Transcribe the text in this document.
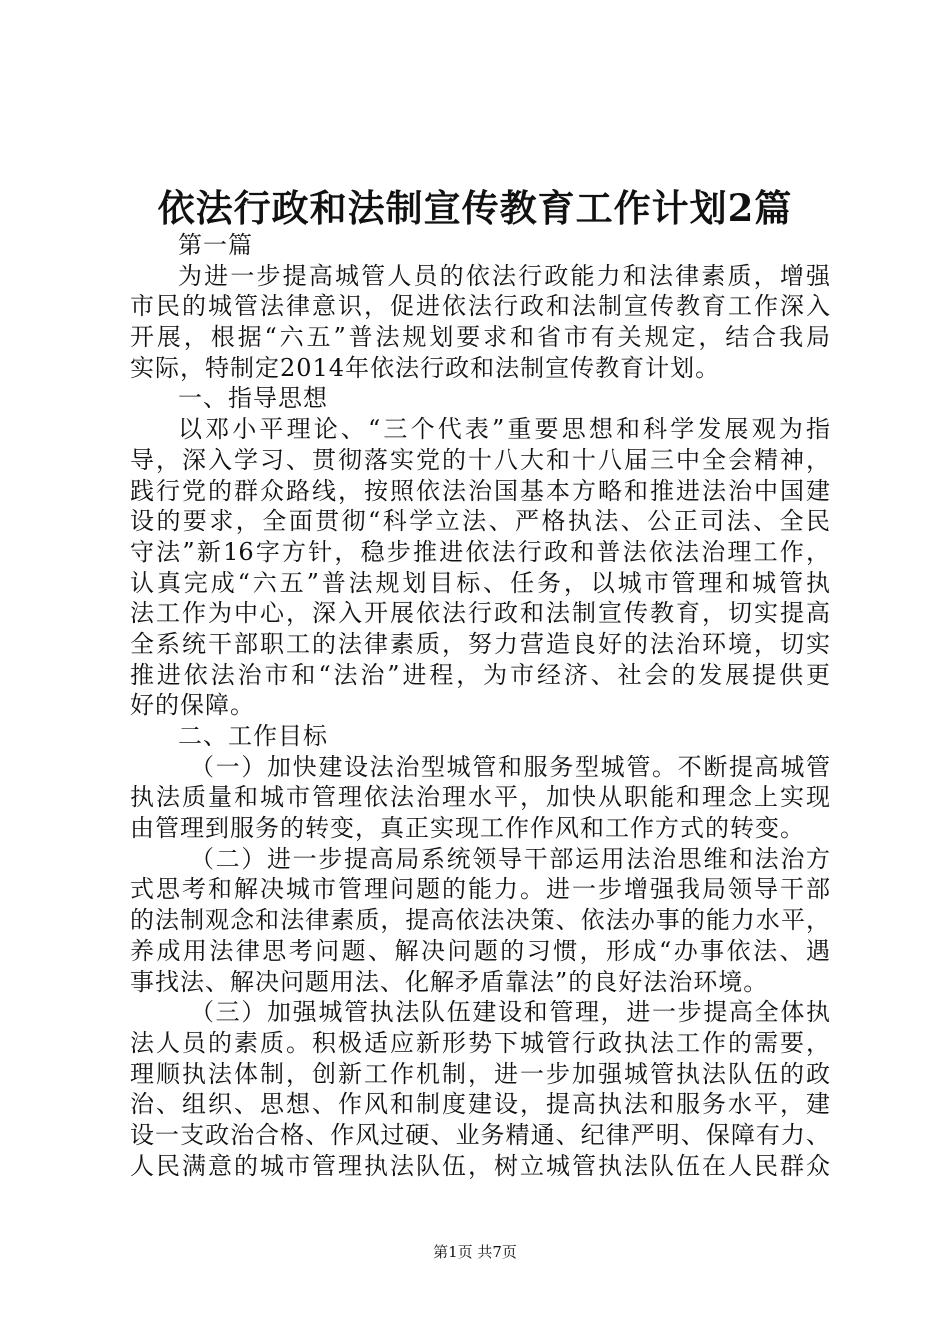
依法行政和法制宣传教育工作计划2篇
第一篇
为进一步提高城管人员的依法行政能力和法律素质，增强
市民的城管法律意识，促进依法行政和法制宣传教育工作深入
开展，根据“六五”普法规划要求和省市有关规定，结合我局
实际，特制定2014年依法行政和法制宣传教育计划。
一、指导思想
以邓小平理论、“三个代表”重要思想和科学发展观为指
导，深入学习、贯彻落实党的十八大和十八届三中全会精神，
践行党的群众路线，按照依法治国基本方略和推进法治中国建
设的要求，全面贯彻“科学立法、严格执法、公正司法、全民
守法”新16字方针，稳步推进依法行政和普法依法治理工作，
认真完成“六五”普法规划目标、任务，以城市管理和城管执
法工作为中心，深入开展依法行政和法制宣传教育，切实提高
全系统干部职工的法律素质，努力营造良好的法治环境，切实
推进依法治市和“法治”进程，为市经济、社会的发展提供更
好的保障。
二、工作目标
（一）加快建设法治型城管和服务型城管。不断提高城管
执法质量和城市管理依法治理水平，加快从职能和理念上实现
由管理到服务的转变，真正实现工作作风和工作方式的转变。
（二）进一步提高局系统领导干部运用法治思维和法治方
式思考和解决城市管理问题的能力。进一步增强我局领导干部
的法制观念和法律素质，提高依法决策、依法办事的能力水平，
养成用法律思考问题、解决问题的习惯，形成“办事依法、遇
事找法、解决问题用法、化解矛盾靠法”的良好法治环境。
（三）加强城管执法队伍建设和管理，进一步提高全体执
法人员的素质。积极适应新形势下城管行政执法工作的需要，
理顺执法体制，创新工作机制，进一步加强城管执法队伍的政
治、组织、思想、作风和制度建设，提高执法和服务水平，建
设一支政治合格、作风过硬、业务精通、纪律严明、保障有力、
人民满意的城市管理执法队伍，树立城管执法队伍在人民群众
第1页 共7页
